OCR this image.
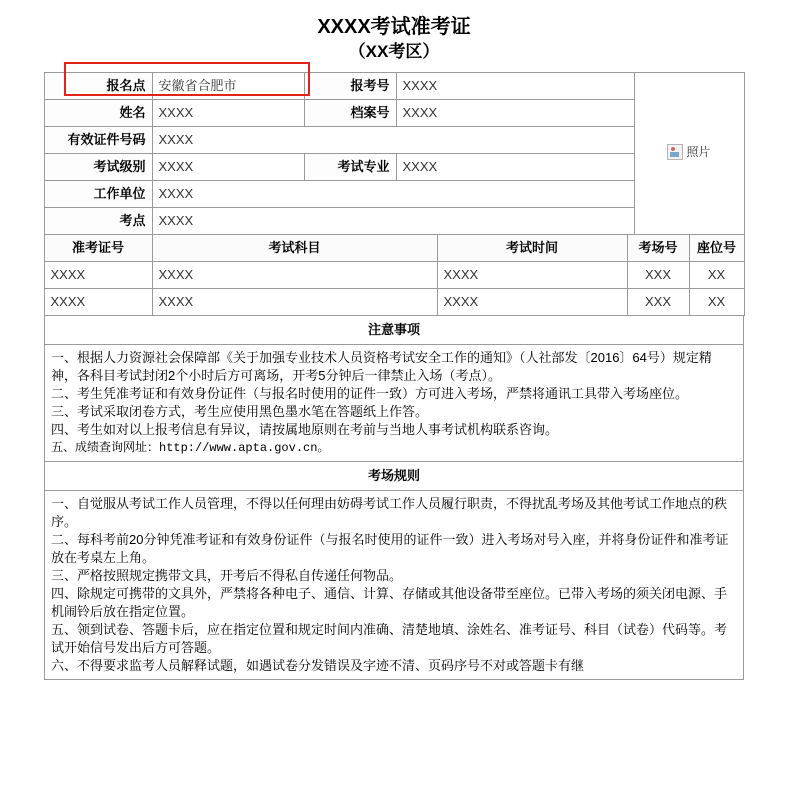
XXXX考试准考证
（XX考区）
报名点	安徽省合肥市	报考号	XXXX	照片

姓名	XXXX	档案号	XXXX	
有效证件号码	XXXX			
考试级别	XXXX	考试专业	XXXX	
工作单位	XXXX			
考点	XXXX			
准考证号	考试科目	考试时间	考场号	座位号
XXXX	XXXX	XXXX	XXX	XX
XXXX	XXXX	XXXX	XXX	XX
注意事项

一、根据人力资源社会保障部《关于加强专业技术人员资格考试安全工作的通知》（人社部发〔2016〕64号）规定精神，各科目考试封闭2个小时后方可离场，开考5分钟后一律禁止入场（考点）。

二、考生凭准考证和有效身份证件（与报名时使用的证件一致）方可进入考场，严禁将通讯工具带入考场座位。

三、考试采取闭卷方式，考生应使用黑色墨水笔在答题纸上作答。

四、考生如对以上报考信息有异议，请按属地原则在考前与当地人事考试机构联系咨询。

五、成绩查询网址：http://www.apta.gov.cn。

考场规则

一、自觉服从考试工作人员管理，不得以任何理由妨碍考试工作人员履行职责，不得扰乱考场及其他考试工作地点的秩序。

二、每科考前20分钟凭准考证和有效身份证件（与报名时使用的证件一致）进入考场对号入座，并将身份证件和准考证放在考桌左上角。

三、严格按照规定携带文具，开考后不得私自传递任何物品。

四、除规定可携带的文具外，严禁将各种电子、通信、计算、存储或其他设备带至座位。已带入考场的须关闭电源、手机闹铃后放在指定位置。

五、领到试卷、答题卡后，应在指定位置和规定时间内准确、清楚地填、涂姓名、准考证号、科目（试卷）代码等。考试开始信号发出后方可答题。

六、不得要求监考人员解释试题，如遇试卷分发错误及字迹不清、页码序号不对或答题卡有继
